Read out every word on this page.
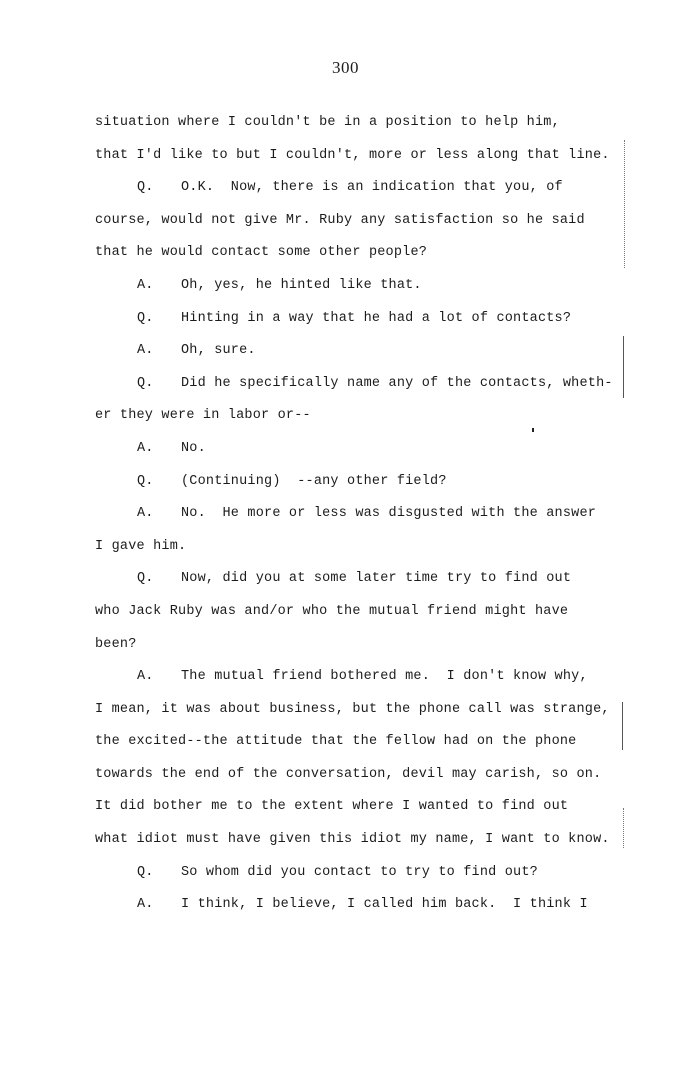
300
situation where I couldn't be in a position to help him,
that I'd like to but I couldn't, more or less along that line.
Q. O.K.  Now, there is an indication that you, of
course, would not give Mr. Ruby any satisfaction so he said
that he would contact some other people?
A. Oh, yes, he hinted like that.
Q. Hinting in a way that he had a lot of contacts?
A. Oh, sure.
Q. Did he specifically name any of the contacts, wheth-
er they were in labor or--
A. No.
Q. (Continuing)  --any other field?
A. No.  He more or less was disgusted with the answer
I gave him.
Q. Now, did you at some later time try to find out
who Jack Ruby was and/or who the mutual friend might have
been?
A. The mutual friend bothered me.  I don't know why,
I mean, it was about business, but the phone call was strange,
the excited--the attitude that the fellow had on the phone
towards the end of the conversation, devil may carish, so on.
It did bother me to the extent where I wanted to find out
what idiot must have given this idiot my name, I want to know.
Q. So whom did you contact to try to find out?
A. I think, I believe, I called him back.  I think I
